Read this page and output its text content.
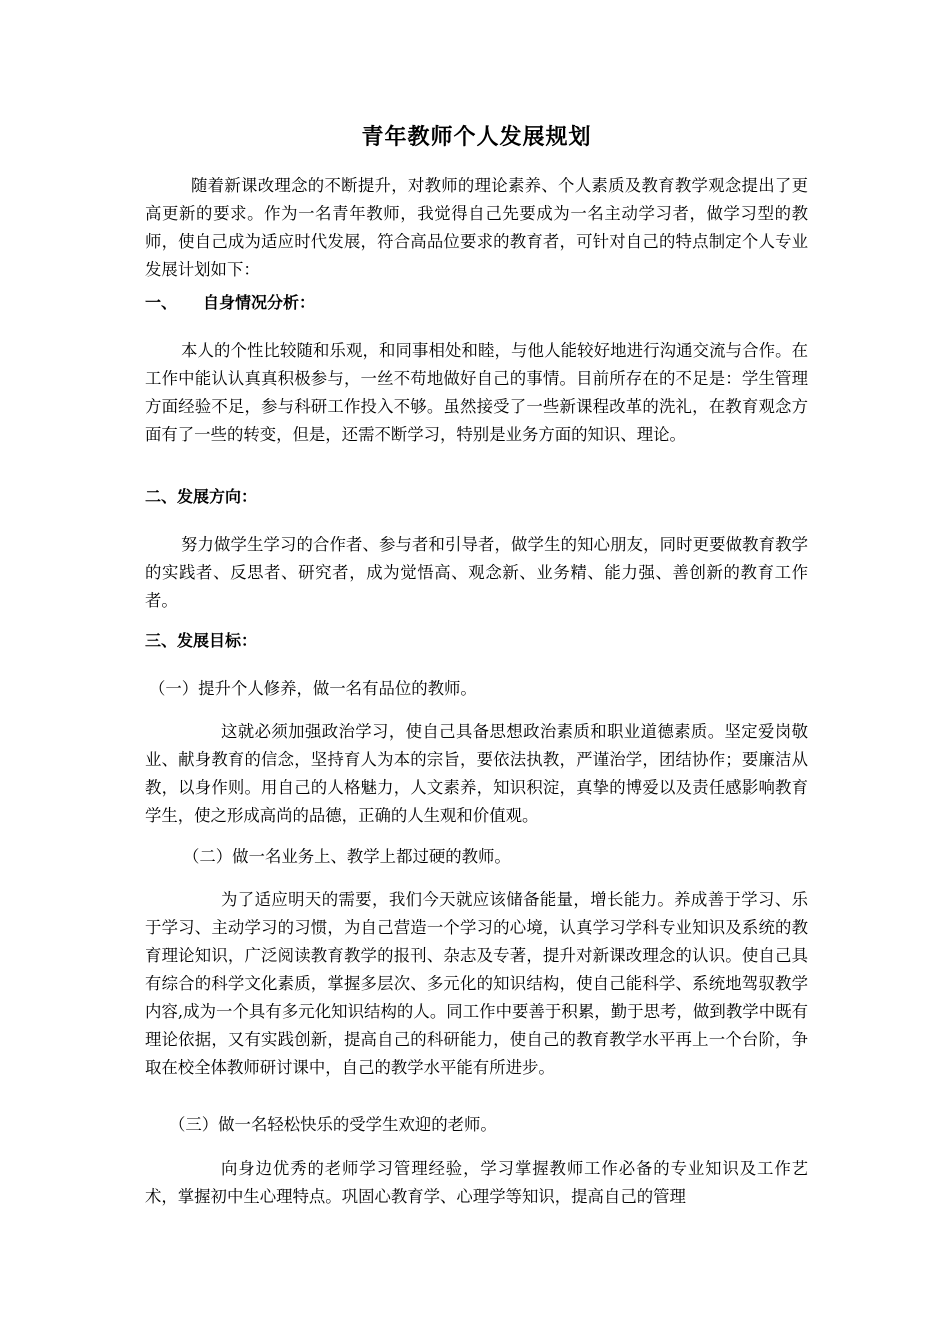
青年教师个人发展规划

随着新课改理念的不断提升，对教师的理论素养、个人素质及教育教学观念提出了更高更新的要求。作为一名青年教师，我觉得自己先要成为一名主动学习者，做学习型的教师，使自己成为适应时代发展，符合高品位要求的教育者，可针对自己的特点制定个人专业发展计划如下：

一、 自身情况分析：

本人的个性比较随和乐观，和同事相处和睦，与他人能较好地进行沟通交流与合作。在工作中能认认真真积极参与，一丝不苟地做好自己的事情。目前所存在的不足是：学生管理方面经验不足，参与科研工作投入不够。虽然接受了一些新课程改革的洗礼，在教育观念方面有了一些的转变，但是，还需不断学习，特别是业务方面的知识、理论。

二、发展方向：

努力做学生学习的合作者、参与者和引导者，做学生的知心朋友，同时更要做教育教学的实践者、反思者、研究者，成为觉悟高、观念新、业务精、能力强、善创新的教育工作者。

三、发展目标：
（一）提升个人修养，做一名有品位的教师。

这就必须加强政治学习，使自己具备思想政治素质和职业道德素质。坚定爱岗敬业、献身教育的信念，坚持育人为本的宗旨，要依法执教，严谨治学，团结协作；要廉洁从教，以身作则。用自己的人格魅力，人文素养，知识积淀，真挚的博爱以及责任感影响教育学生，使之形成高尚的品德，正确的人生观和价值观。

（二）做一名业务上、教学上都过硬的教师。

为了适应明天的需要，我们今天就应该储备能量，增长能力。养成善于学习、乐于学习、主动学习的习惯，为自己营造一个学习的心境，认真学习学科专业知识及系统的教育理论知识，广泛阅读教育教学的报刊、杂志及专著，提升对新课改理念的认识。使自己具有综合的科学文化素质，掌握多层次、多元化的知识结构，使自己能科学、系统地驾驭教学内容,成为一个具有多元化知识结构的人。同工作中要善于积累，勤于思考，做到教学中既有理论依据，又有实践创新，提高自己的科研能力，使自己的教育教学水平再上一个台阶，争取在校全体教师研讨课中，自己的教学水平能有所进步。

（三）做一名轻松快乐的受学生欢迎的老师。

向身边优秀的老师学习管理经验，学习掌握教师工作必备的专业知识及工作艺术，掌握初中生心理特点。巩固心教育学、心理学等知识，提高自己的管理
